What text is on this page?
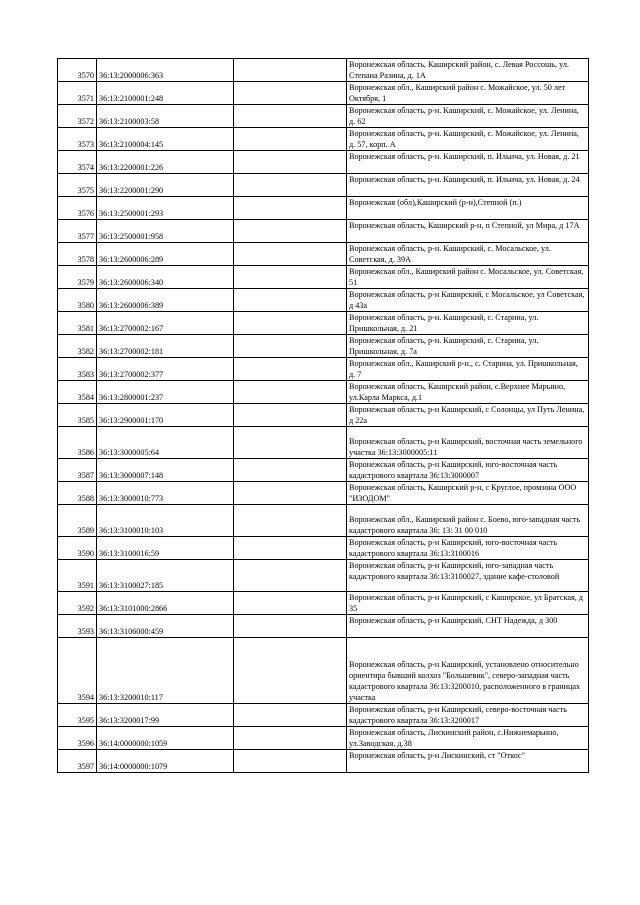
3570	36:13:2000006:363		Воронежская область, Каширский район, с. Левая Россошь, ул. Степана Разина, д. 1А
3571	36:13:2100001:248		Воронежская обл., Каширский район с. Можайское, ул. 50 лет Октября, 1
3572	36:13:2100003:58		Воронежская область, р-н. Каширский, с. Можайское, ул. Ленина, д. 62
3573	36:13:2100004:145		Воронежская область, р-н. Каширский, с. Можайское, ул. Ленина, д. 57, корп. А
3574	36:13:2200001:226		Воронежская область, р-н. Каширский, п. Ильича, ул. Новая, д. 21
3575	36:13:2200001:290		Воронежская область, р-н. Каширский, п. Ильича, ул. Новая, д. 24
3576	36:13:2500001:293		Воронежская (обл),Каширский (р-н),Степной (п.)
3577	36:13:2500001:958		Воронежская область, Каширский р-н, п Степной, ул Мира, д 17А
3578	36:13:2600006:289		Воронежская область, р-н. Каширский, с. Мосальское, ул. Советская, д. 39А
3579	36:13:2600006:340		Воронежская обл., Каширский район с. Мосальское, ул. Советская, 51
3580	36:13:2600006:389		Воронежская область, р-н Каширский, с Мосальское, ул Советская, д 43а
3581	36:13:2700002:167		Воронежская область, р-н. Каширский, с. Старина, ул. Пришкольная, д. 21
3582	36:13:2700002:181		Воронежская область, р-н. Каширский, с. Старина, ул. Пришкольная, д. 7а
3583	36:13:2700002:377		Воронежская обл., Каширский р-н., с. Старина, ул. Пришкольная, д. 7
3584	36:13:2800001:237		Воронежская область, Каширский район, с.Верхнее Марьино, ул.Карла Маркса, д.1
3585	36:13:2900001:170		Воронежская область, р-н Каширский, с Солонцы, ул Путь Ленина, д 22а
3586	36:13:3000005:64		Воронежская область, р-н Каширский, восточная часть земельного участка 36:13:3000005:11
3587	36:13:3000007:148		Воронежская область, р-н Каширский, юго-восточная часть кадастрового квартала 36:13:3000007
3588	36:13:3000010:773		Воронежская область, Каширский р-н, с Круглое, промзона ООО "ИЗОДОМ"
3589	36:13:3100010:103		Воронежская обл., Каширский район с. Боево, юго-западная часть кадастрового квартала 36: 13: 31 00 010
3590	36:13:3100016:59		Воронежская область, р-н Каширский, юго-восточная часть кадастрового квартала 36:13:3100016
3591	36:13:3100027:185		Воронежская область, р-н Каширский, юго-западная часть кадастрового квартала 36:13:3100027, здание кафе-столовой
3592	36:13:3101000:2866		Воронежская область, р-н Каширский, с Каширское, ул Братская, д 35
3593	36:13:3106000:459		Воронежская область, р-н Каширский, СНТ Надежда, д 300
3594	36:13:3200010:117		Воронежская область, р-н Каширский, установлено относительно ориентира бывший колхоз "Большевик", северо-западная часть кадастрового квартала 36:13:3200010, расположенного в границах участка
3595	36:13:3200017:99		Воронежская область, р-н Каширский, северо-восточная часть кадастрового квартала 36:13:3200017
3596	36:14:0000000:1059		Воронежская область, Лискинский район, с.Нижнемарьино, ул.Заводская, д.38
3597	36:14:0000000:1079		Воронежская область, р-н Лискинский, ст "Откос"
